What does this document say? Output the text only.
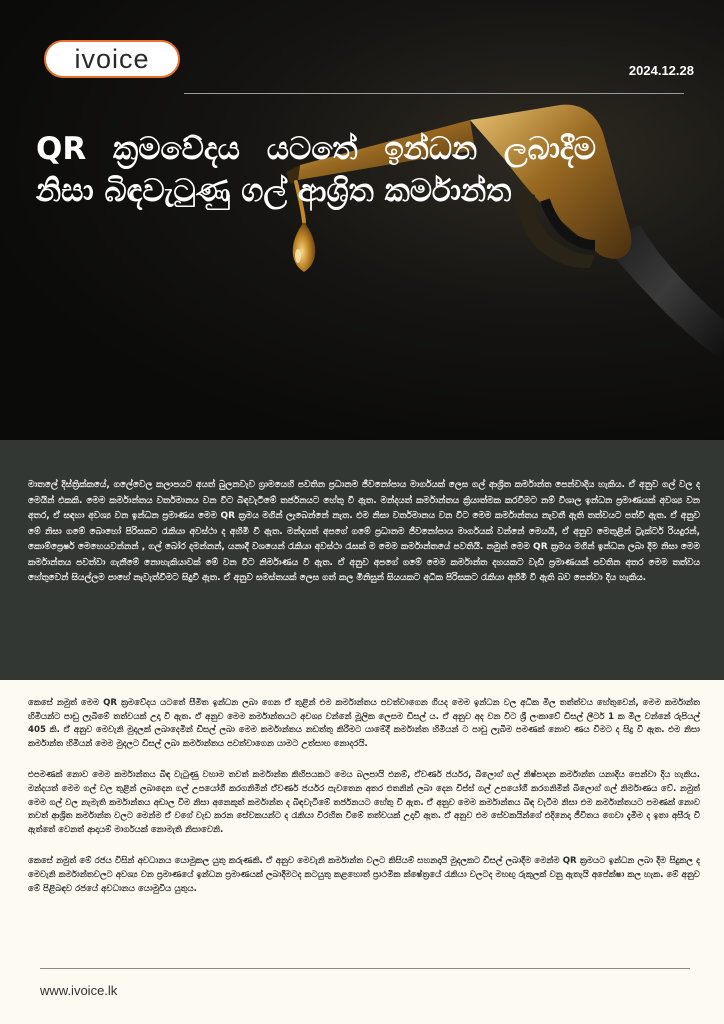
ivoice	2024.12.28
QR ක්‍රමවේදය යටතේ ඉන්ධන ලබාදීම නිසා බිඳවැටුණු ගල් ආශ්‍රිත කර්මාන්ත

මාතලේ දිස්ත්‍රික්කයේ, ගලේවෙල කලාපයට අයත් බුලනවැව ග්‍රාමයෙහි පවතින ප්‍රධානම ජීවනෝපාය මාර්ගයක් ලෙස ගල් ආශ්‍රිත කර්මාන්ත පෙන්වාදිය හැකිය. ඒ අනුව ගල් වල ද මෙයින් එකකි. මෙම කර්මාන්තය වර්තමානය වන විට බිඳවැටීමේ තර්ජනයට හේතු වී ඇත. මන්දයත් කර්මාන්තය ක්‍රියාත්මක කරවීමට නම් විශාල ඉන්ධන ප්‍රමාණයක් අවශ්‍ය වන අතර, ඒ සඳහා අවශ්‍ය වන ඉන්ධන ප්‍රමාණය මෙම QR ක්‍රමය මගින් ලැබෙන්නේ නැත. එම නිසා වර්තමානය වන විට මෙම කර්මාන්තය නැවතී ඇති තත්වයට පත්වී ඇත. ඒ අනුව මේ නිසා ගමේ බොහෝ පිරිසකට රැකියා අවස්ථා ද අහිමි වී ඇත. මන්දයත් අපගේ ගමේ ප්‍රධානම ජීවනෝපාය මාර්ගයක් වන්නේ මෙයයි, ඒ අනුව මෙතුළින් ට්‍රැක්ටර් රියදුරන්, කොම්ප්‍රෙෂර් මෙහෙයවන්නන් , ගල් බෝර දමන්නන්, යනාදී වශයෙන් රැකියා අවස්ථා රැසක් ම මෙම කර්මාන්තයේ පවතියි. නමුත් මෙම QR ක්‍රමය මගින් ඉන්ධන ලබා දීම නිසා මෙම කර්මාන්තය පවත්වා ගැනීමේ නොහැකියාවක් මේ වන විට නිර්මාණය වී ඇත. ඒ අනුව අපගේ ගමේ මෙම කර්මාන්ත දහයකට වැඩි ප්‍රමාණයක් පවතින අතර මෙම තත්වය හේතුවෙන් සියල්ලම පාහේ නැවැත්වීමට සිදුවී ඇත. ඒ අනුව සමස්තයක් ලෙස ගත් කල මිනිසුන් සියයකට අධික පිරිසකට රැකියා අහිමි වී ඇති බව පෙන්වා දිය හැකිය.

කෙසේ නමුත් මෙම QR ක්‍රමවේදය යටතේ සීමිත ඉන්ධන ලබා ගෙන ඒ තුළින් එම කර්මාන්තය පවත්වාගෙන ගියද මෙම ඉන්ධන වල අධික මිල තත්ත්වය හේතුවෙන්, මෙම කර්මාන්ත හිමියන්ට පාඩු ලැබීමේ තත්වයක් උදා වී ඇත. ඒ අනුව මෙම කර්මාන්තයට අවශ්‍ය වන්නේ මූලික ලෙසම ඩීසල් ය. ඒ අනුව අද වන විට ශ්‍රී ලංකාවේ ඩීසල් ලීටර් 1 ක මිල වන්නේ රුපියල් 405 කි. ඒ අනුව මෙවැනි මුදලක් ලබාදෙමින් ඩීසල් ලබා මෙම කර්මාන්තය නඩත්තු කිරීමට යාමේදී කර්මාන්ත හිමියන් ට පාඩු ලැබීම පමණක් නොව ණය වීමට ද සිදු වී ඇත. එම නිසා කර්මාන්ත හිමියන් මෙම මුදලට ඩීසල් ලබා කර්මාන්තය පවත්වාගෙන යාමට උත්සාහ නොදරයි.

එපමණක් නොව මෙම කර්මාන්තය බිඳ වැටුණු වහාම තවත් කර්මාන්ත කිහිපයකට මෙය බලපායි එනම්, ඒවර්ණ ජර්යර, බිලොග් ගල් නිෂ්පාදන කර්මාන්ත යනාදිය පෙන්වා දිය හැකිය. මන්දයත් මෙම ගල් වල තුළින් ලබාදෙන ගල් උපයෝගී කරගනිමින් ඒවර්ණ ජර්යර පැවතෙන අතර එතනින් ලබා දෙන චිප්ස් ගල් උපයෝගී කරගනිමින් බිලොග් ගල් නිර්මාණය වේ. නමුත් මෙම ගල් වල නැමැති කර්මාන්තය අඩාල වීම නිසා අනෙකුත් කර්මාන්ත ද බිඳවැටීමේ තර්ජනයට හේතු වී ඇත. ඒ අනුව මෙම කර්මාන්තය බිඳ වැටීම නිසා එම කර්මාන්තයට පමණක් නොව තවත් ආශ්‍රිත කර්මාන්ත වලට මෙන්ම ඒ වගේ වැඩ කරන සේවකයන්ට ද රැකියා විරහිත වීමේ තත්වයක් උදාවී ඇත. ඒ අනුව එම සේවකයින්ගේ එදිනෙදා ජීවිතය ගෙවා දැමීම ද ඉතා අසීරු වී ඇත්තේ වෙනත් ආදායම් මාර්ගයක් නොමැති නිසාවෙනි.

කෙසේ නමුත් මේ රජය විසින් අවධානය යොමුකල යුතු කරුණකි. ඒ අනුව මෙවැනි කර්මාන්ත වලට කිසියම් සහනදායි මුදලකට ඩීසල් ලබාදීම මෙන්ම QR ක්‍රමයට ඉන්ධන ලබා දීම සිදුකල ද මෙවැනි කර්මාන්තවලට අවශ්‍ය වන ප්‍රමාණයේ ඉන්ධන ප්‍රමාණයක් ලබාදීමටද කටයුතු කළහොත් ප්‍රාථමික ක්ෂේත්‍රයේ රැකියා වලටද මහඟු රුකුලක් වනු ඇතැයි අපේක්ෂා කල හැක. මේ අනුව මේ පිළිබඳව රජයේ අවධානය යොමුවිය යුතුය.

www.ivoice.lk
